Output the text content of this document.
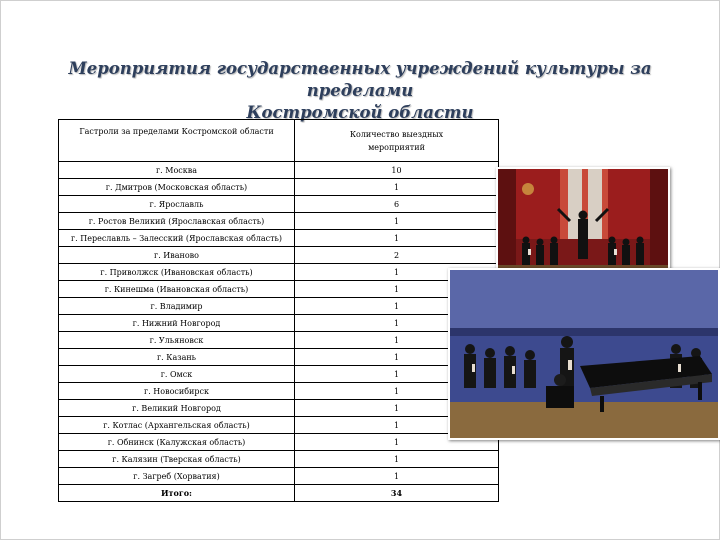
Мероприятия государственных учреждений культуры за пределами
Костромской области
Гастроли за пределами Костромской области	Количество выездных мероприятий
г. Москва	10
г. Дмитров (Московская область)	1
г. Ярославль	6
г. Ростов Великий (Ярославская область)	1
г. Переславль – Залесский (Ярославская область)	1
г. Иваново	2
г. Приволжск (Ивановская область)	1
г. Кинешма (Ивановская область)	1
г. Владимир	1
г. Нижний Новгород	1
г. Ульяновск	1
г. Казань	1
г. Омск	1
г. Новосибирск	1
г. Великий Новгород	1
г. Котлас (Архангельская область)	1
г. Обнинск (Калужская область)	1
г. Калязин (Тверская область)	1
г. Загреб (Хорватия)	1
Итого:	34
